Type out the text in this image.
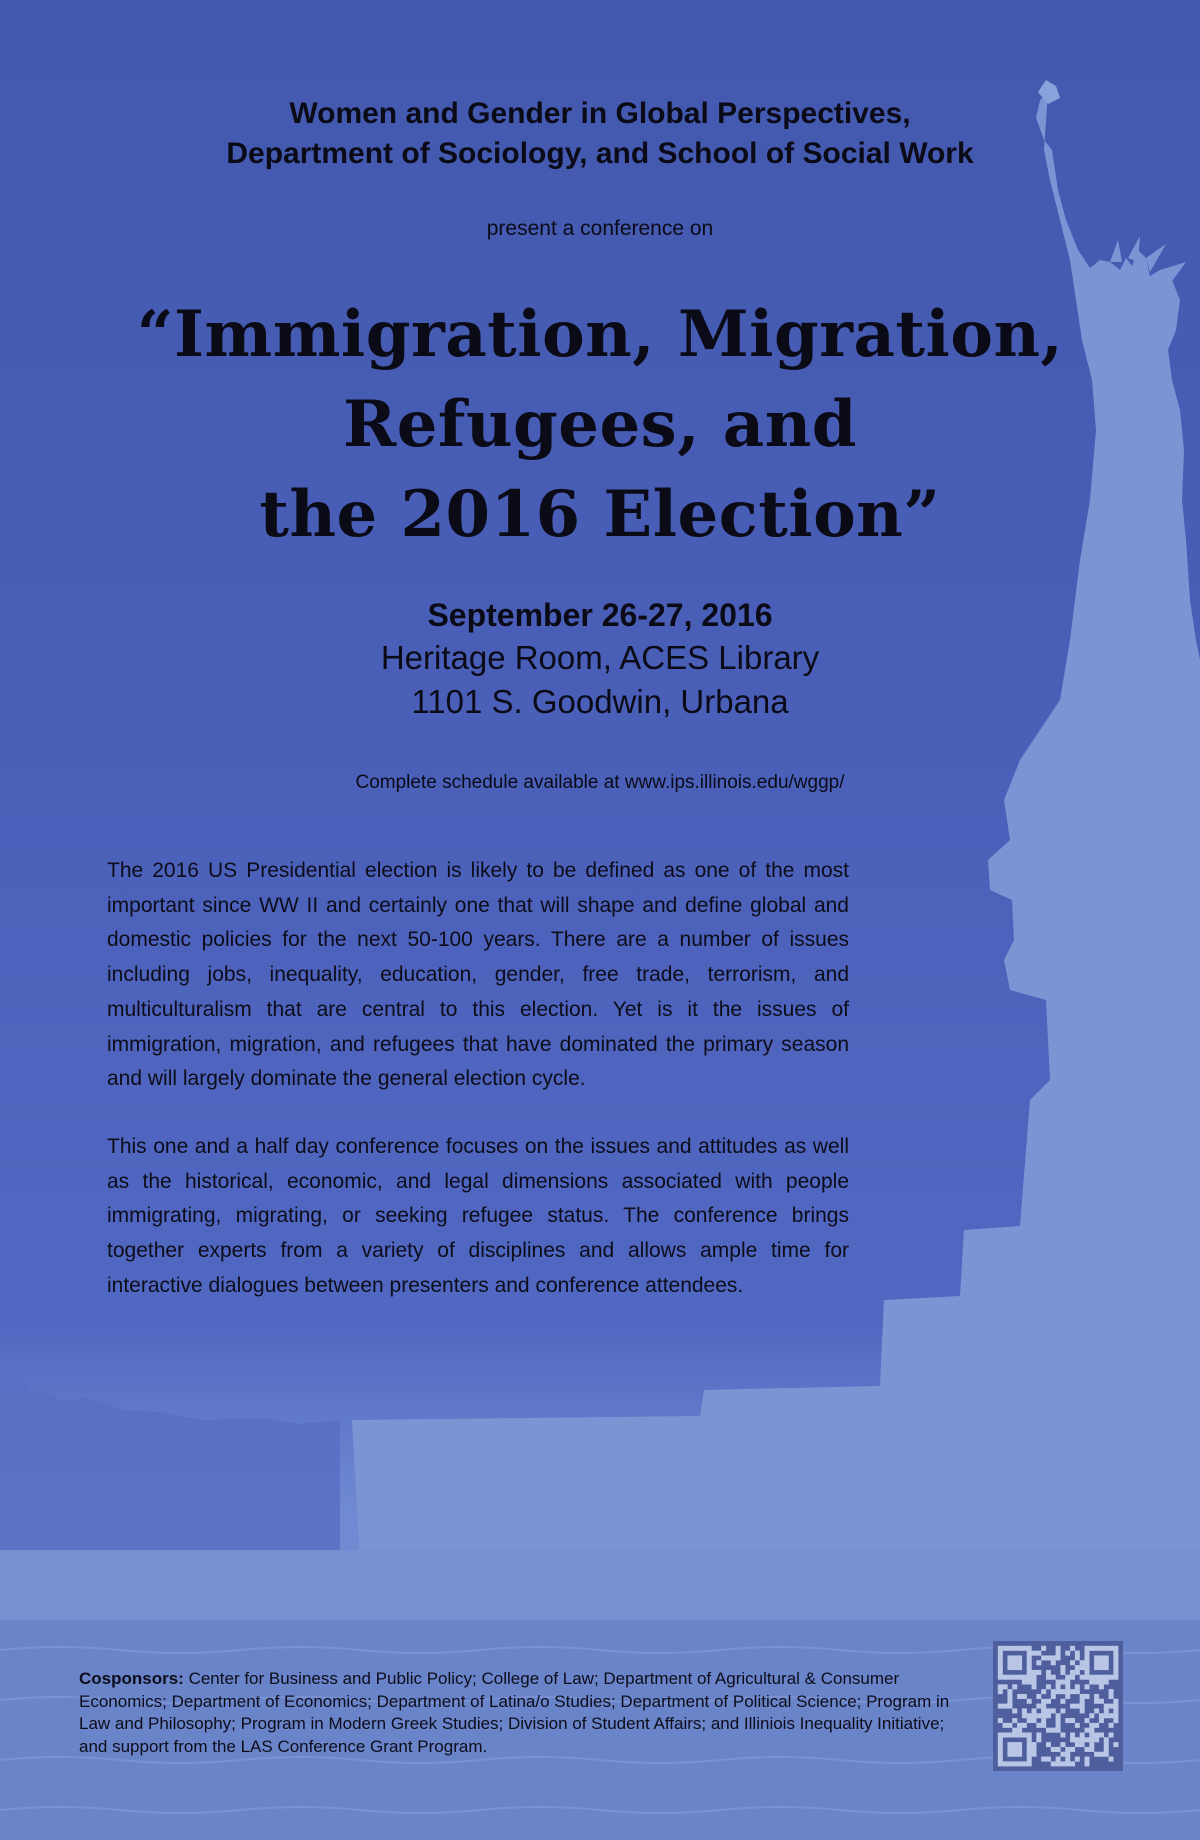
Women and Gender in Global Perspectives,
Department of Sociology, and School of Social Work
present a conference on
“Immigration, Migration,
Refugees, and
the 2016 Election”
September 26-27, 2016
Heritage Room, ACES Library
1101 S. Goodwin, Urbana
Complete schedule available at www.ips.illinois.edu/wggp/
The 2016 US Presidential election is likely to be defined as one of the most important since WW II and certainly one that will shape and define global and domestic policies for the next 50-100 years. There are a number of issues including jobs, inequality, education, gender, free trade, terrorism, and multiculturalism that are central to this election. Yet is it the issues of immigration, migration, and refugees that have dominated the primary season and will largely dominate the general election cycle.
This one and a half day conference focuses on the issues and attitudes as well as the historical, economic, and legal dimensions associated with people immigrating, migrating, or seeking refugee status. The conference brings together experts from a variety of disciplines and allows ample time for interactive dialogues between presenters and conference attendees.
Cosponsors: Center for Business and Public Policy; College of Law; Department of Agricultural & Consumer Economics; Department of Economics; Department of Latina/o Studies; Department of Political Science; Program in Law and Philosophy; Program in Modern Greek Studies; Division of Student Affairs; and Illiniois Inequality Initiative; and support from the LAS Conference Grant Program.
